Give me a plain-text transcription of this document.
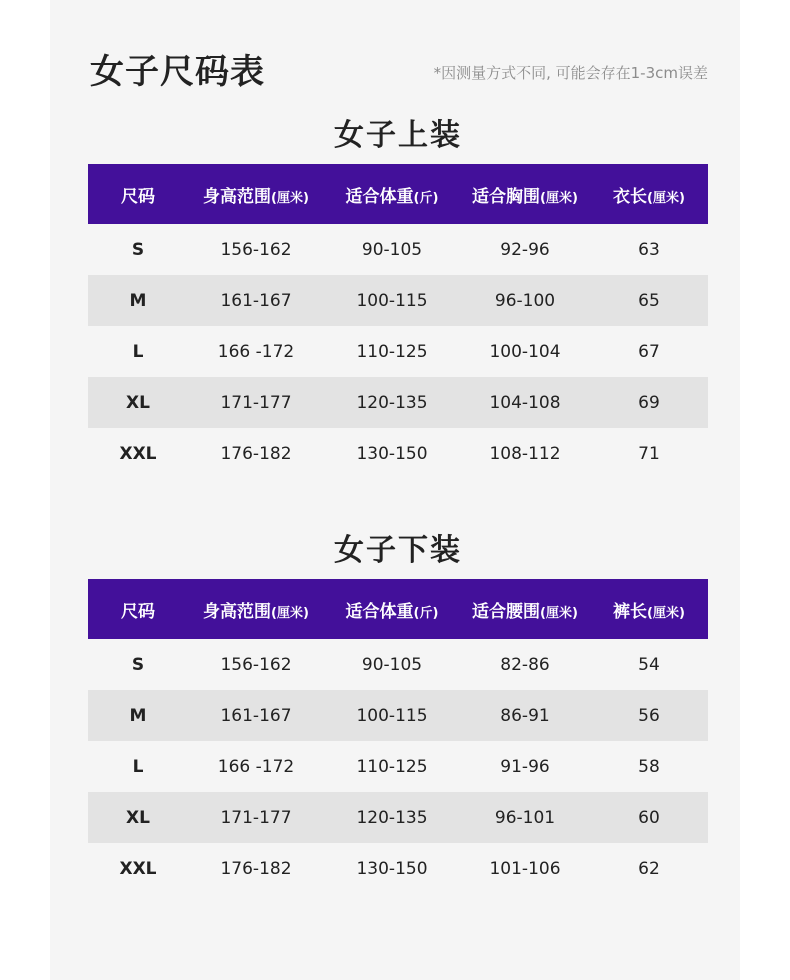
女子尺码表	*因测量方式不同, 可能会存在1-3cm误差
女子上装
尺码	身高范围(厘米)	适合体重(斤)	适合胸围(厘米)	衣长(厘米)
S	156-162	90-105	92-96	63
M	161-167	100-115	96-100	65
L	166 -172	110-125	100-104	67
XL	171-177	120-135	104-108	69
XXL	176-182	130-150	108-112	71
女子下装
尺码	身高范围(厘米)	适合体重(斤)	适合腰围(厘米)	裤长(厘米)
S	156-162	90-105	82-86	54
M	161-167	100-115	86-91	56
L	166 -172	110-125	91-96	58
XL	171-177	120-135	96-101	60
XXL	176-182	130-150	101-106	62
